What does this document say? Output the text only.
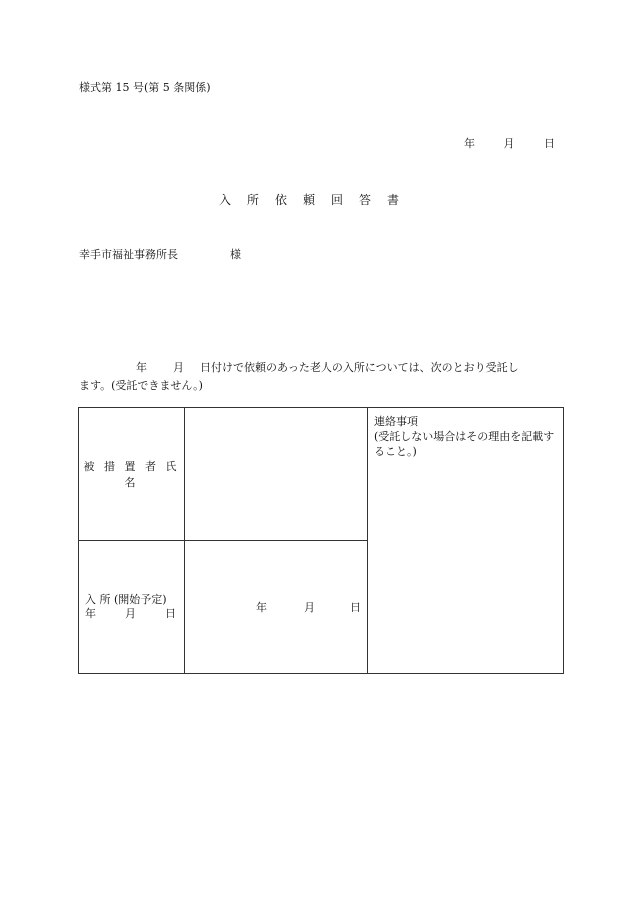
様式第 15 号(第 5 条関係)
年	月	日
入 所 依 頼 回 答 書
幸手市福祉事務所長	様
年 月 日付けで依頼のあった老人の入所については、次のとおり受託し
ます。(受託できません。)
被 措 置 者 氏 名		連絡事項
(受託しない場合はその理由を記載すること。)

入 所 (開始予定)
年 月 日	年 月 日	
